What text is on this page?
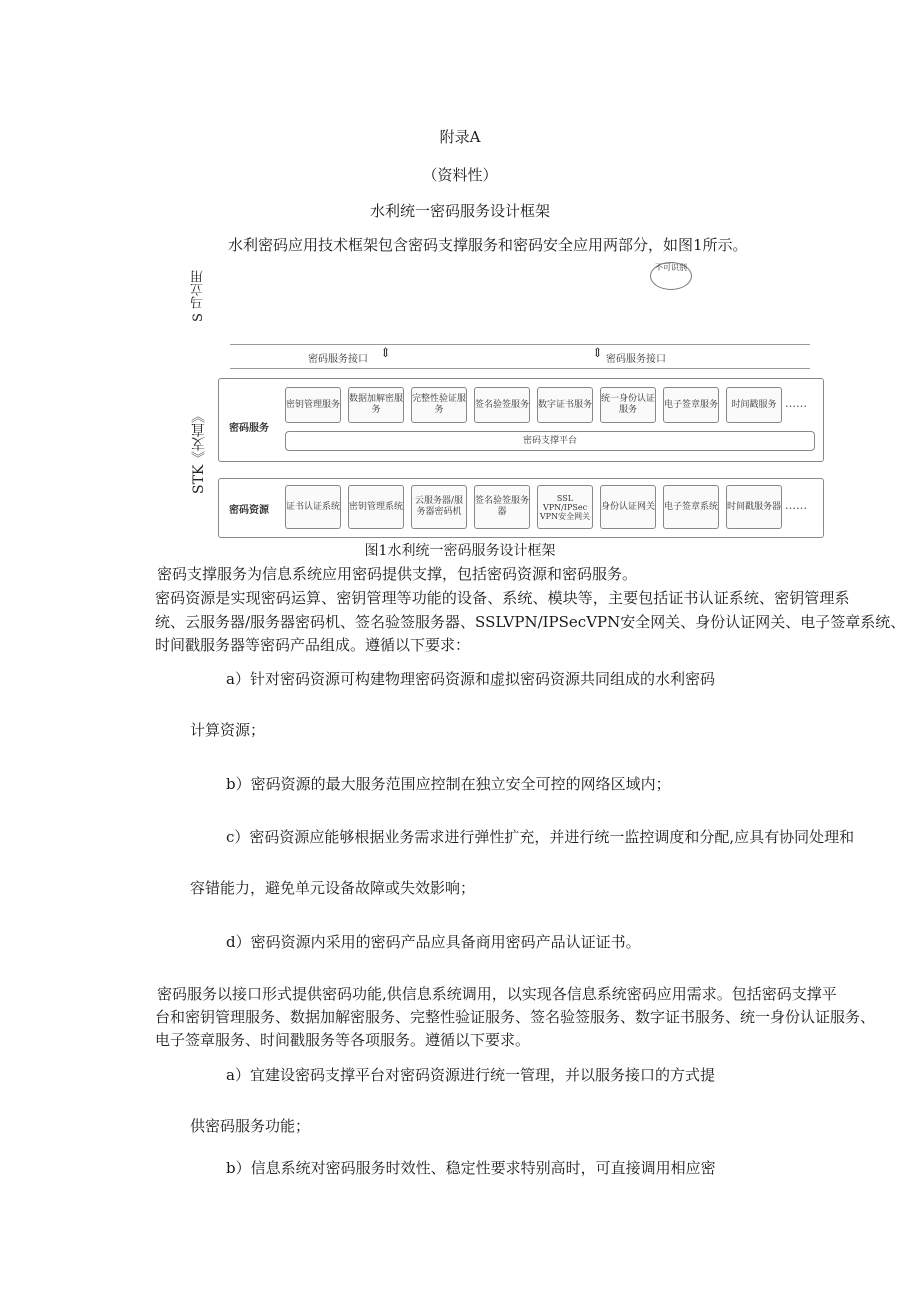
附录A
（资料性）
水利统一密码服务设计框架
水利密码应用技术框架包含密码支撑服务和密码安全应用两部分，如图1所示。
S 马立用
STK《支直》
不可识别
密码服务接口 ⇕	⇕ 密码服务接口
密码服务
密钥管理服务
数据加解密服务
完整性验证服务
签名验签服务 数字证书服务
统一身份认证服务
电子签章服务	时间戳服务 ……
密码支撑平台
密码资源 证书认证系统 密钥管理系统
云服务器/服务器密码机
签名验签服务器
SSL VPN/IPSec VPN安全网关
身份认证网关 电子签章系统 时间戳服务器 ……
图1水利统一密码服务设计框架
密码支撑服务为信息系统应用密码提供支撑，包括密码资源和密码服务。
密码资源是实现密码运算、密钥管理等功能的设备、系统、模块等，主要包括证书认证系统、密钥管理系
统、云服务器/服务器密码机、签名验签服务器、SSLVPN/IPSecVPN安全网关、身份认证网关、电子签章系统、
时间戳服务器等密码产品组成。遵循以下要求：
a）针对密码资源可构建物理密码资源和虚拟密码资源共同组成的水利密码
计算资源；
b）密码资源的最大服务范围应控制在独立安全可控的网络区域内；
c）密码资源应能够根据业务需求进行弹性扩充，并进行统一监控调度和分配,应具有协同处理和
容错能力，避免单元设备故障或失效影响；
d）密码资源内采用的密码产品应具备商用密码产品认证证书。
密码服务以接口形式提供密码功能,供信息系统调用，以实现各信息系统密码应用需求。包括密码支撑平
台和密钥管理服务、数据加解密服务、完整性验证服务、签名验签服务、数字证书服务、统一身份认证服务、
电子签章服务、时间戳服务等各项服务。遵循以下要求。
a）宜建设密码支撑平台对密码资源进行统一管理，并以服务接口的方式提
供密码服务功能；
b）信息系统对密码服务时效性、稳定性要求特别高时，可直接调用相应密
